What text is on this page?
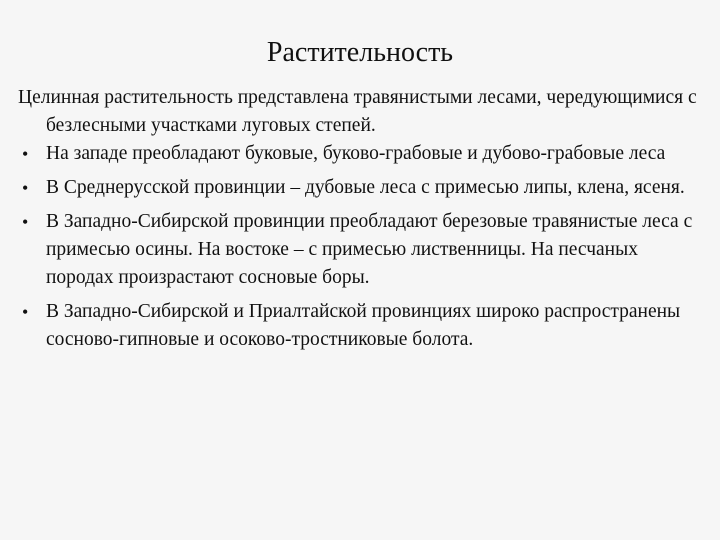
Растительность
Целинная растительность представлена травянистыми лесами, чередующимися с безлесными участками луговых степей.
• На западе преобладают буковые, буково-грабовые и дубово-грабовые леса
• В Среднерусской провинции – дубовые леса с примесью липы, клена, ясеня.
• В Западно-Сибирской провинции преобладают березовые травянистые леса с примесью осины. На востоке – с примесью лиственницы. На песчаных породах произрастают сосновые боры.
• В Западно-Сибирской и Приалтайской провинциях широко распространены сосново-гипновые и осоково-тростниковые болота.
